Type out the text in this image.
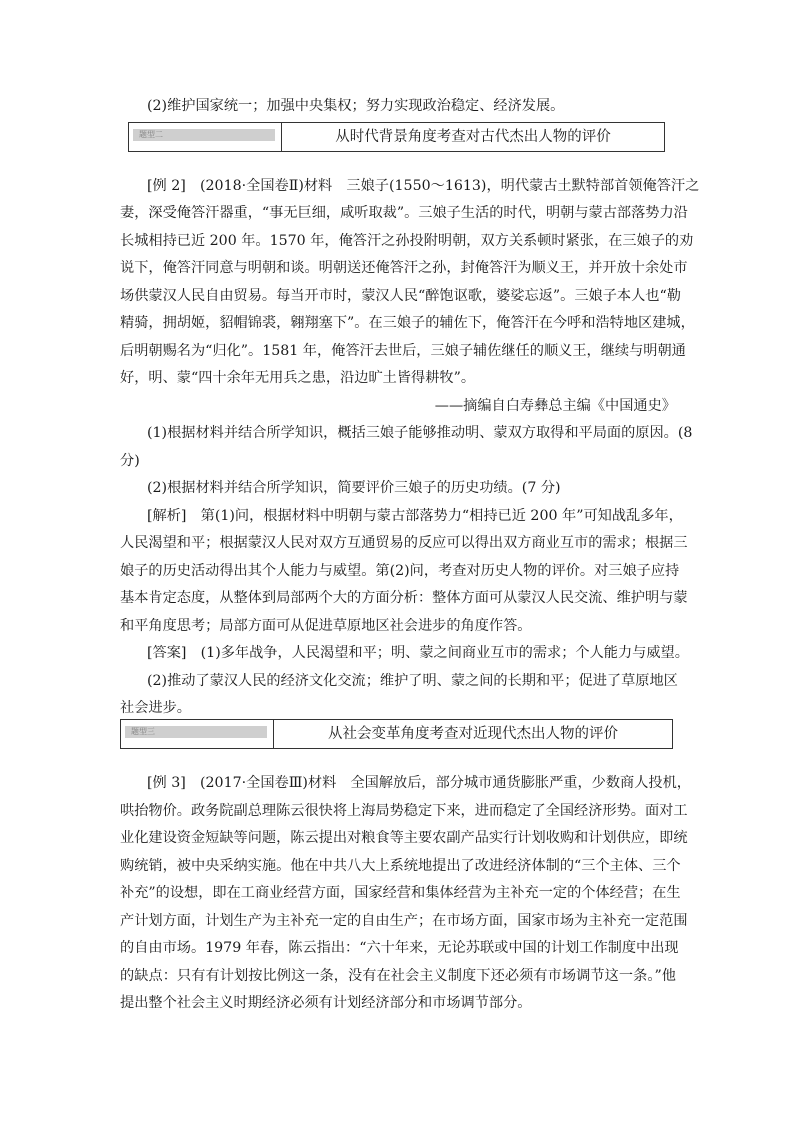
(2)维护国家统一；加强中央集权；努力实现政治稳定、经济发展。
题型二	从时代背景角度考查对古代杰出人物的评价
[例 2]　(2018·全国卷Ⅱ)材料　三娘子(1550～1613)，明代蒙古土默特部首领俺答汗之
妻，深受俺答汗器重，“事无巨细，咸听取裁”。三娘子生活的时代，明朝与蒙古部落势力沿
长城相持已近 200 年。1570 年，俺答汗之孙投附明朝，双方关系顿时紧张，在三娘子的劝
说下，俺答汗同意与明朝和谈。明朝送还俺答汗之孙，封俺答汗为顺义王，并开放十余处市
场供蒙汉人民自由贸易。每当开市时，蒙汉人民“醉饱讴歌，婆娑忘返”。三娘子本人也“勒
精骑，拥胡姬，貂帽锦裘，翱翔塞下”。在三娘子的辅佐下，俺答汗在今呼和浩特地区建城，
后明朝赐名为“归化”。1581 年，俺答汗去世后，三娘子辅佐继任的顺义王，继续与明朝通
好，明、蒙“四十余年无用兵之患，沿边旷土皆得耕牧”。
——摘编自白寿彝总主编《中国通史》
(1)根据材料并结合所学知识，概括三娘子能够推动明、蒙双方取得和平局面的原因。(8
分)
(2)根据材料并结合所学知识，简要评价三娘子的历史功绩。(7 分)
[解析]　第(1)问，根据材料中明朝与蒙古部落势力“相持已近 200 年”可知战乱多年，
人民渴望和平；根据蒙汉人民对双方互通贸易的反应可以得出双方商业互市的需求；根据三
娘子的历史活动得出其个人能力与威望。第(2)问，考查对历史人物的评价。对三娘子应持
基本肯定态度，从整体到局部两个大的方面分析：整体方面可从蒙汉人民交流、维护明与蒙
和平角度思考；局部方面可从促进草原地区社会进步的角度作答。
[答案]　(1)多年战争，人民渴望和平；明、蒙之间商业互市的需求；个人能力与威望。
(2)推动了蒙汉人民的经济文化交流；维护了明、蒙之间的长期和平；促进了草原地区
社会进步。
题型三	从社会变革角度考查对近现代杰出人物的评价
[例 3]　(2017·全国卷Ⅲ)材料　全国解放后，部分城市通货膨胀严重，少数商人投机，
哄抬物价。政务院副总理陈云很快将上海局势稳定下来，进而稳定了全国经济形势。面对工
业化建设资金短缺等问题，陈云提出对粮食等主要农副产品实行计划收购和计划供应，即统
购统销，被中央采纳实施。他在中共八大上系统地提出了改进经济体制的“三个主体、三个
补充”的设想，即在工商业经营方面，国家经营和集体经营为主补充一定的个体经营；在生
产计划方面，计划生产为主补充一定的自由生产；在市场方面，国家市场为主补充一定范围
的自由市场。1979 年春，陈云指出：“六十年来，无论苏联或中国的计划工作制度中出现
的缺点：只有有计划按比例这一条，没有在社会主义制度下还必须有市场调节这一条。”他
提出整个社会主义时期经济必须有计划经济部分和市场调节部分。
